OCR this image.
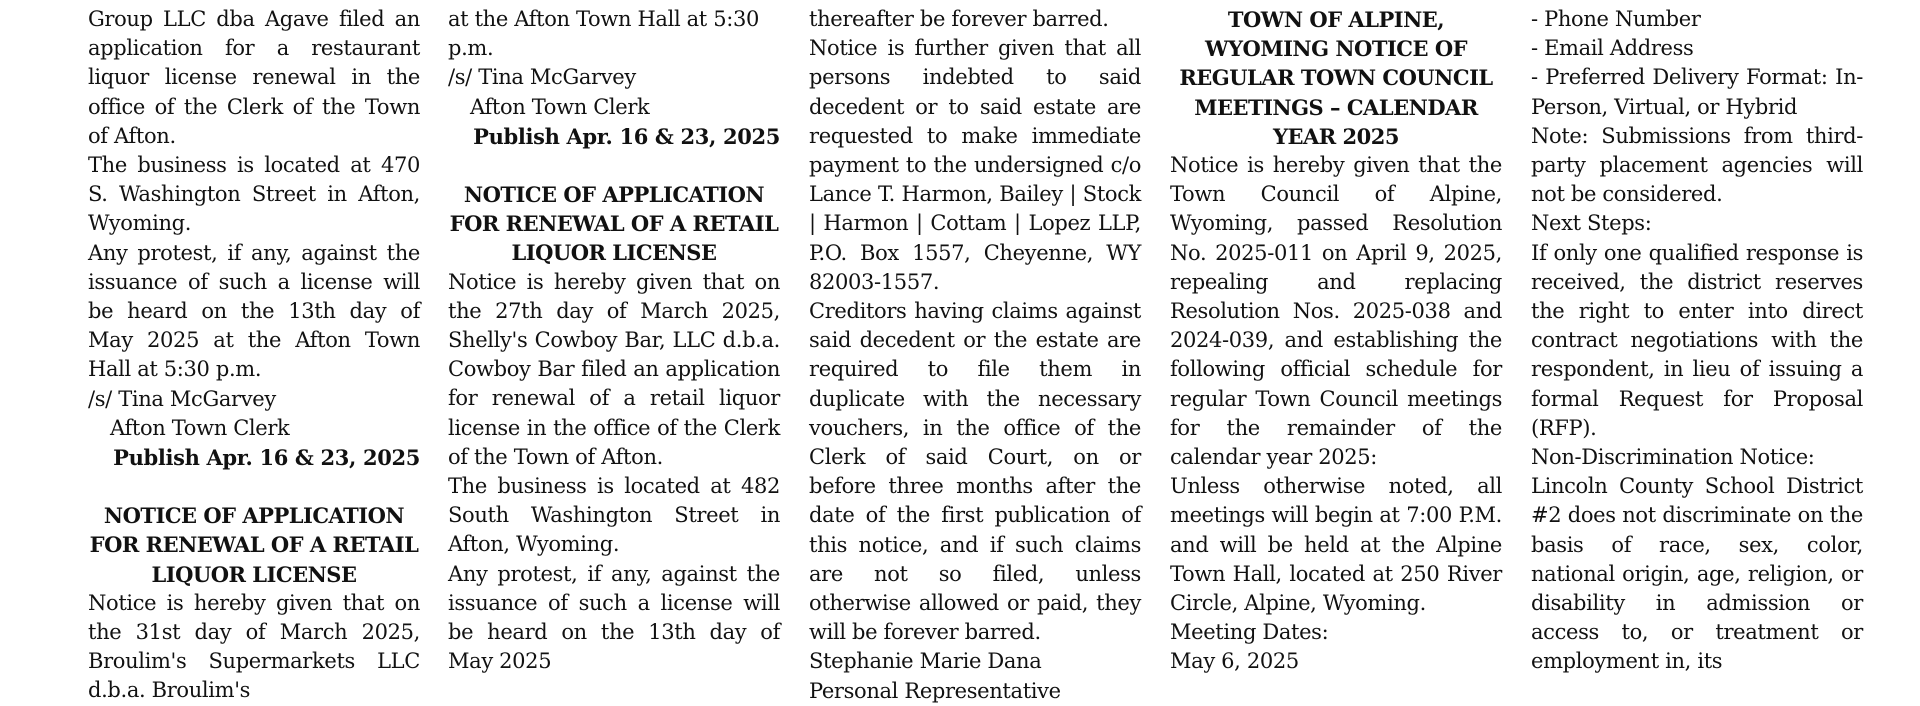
Group LLC dba Agave filed an application for a restaurant liquor license renewal in the office of the Clerk of the Town of Afton.

The business is located at 470 S. Washington Street in Afton, Wyoming.

Any protest, if any, against the issuance of such a license will be heard on the 13th day of May 2025 at the Afton Town Hall at 5:30 p.m.

/s/ Tina McGarvey

Afton Town Clerk

Publish Apr. 16 & 23, 2025

NOTICE OF APPLICATION FOR RENEWAL OF A RETAIL LIQUOR LICENSE

Notice is hereby given that on the 31st day of March 2025, Broulim's Supermarkets LLC d.b.a. Broulim's

at the Afton Town Hall at 5:30 p.m.

/s/ Tina McGarvey

Afton Town Clerk

Publish Apr. 16 & 23, 2025

NOTICE OF APPLICATION FOR RENEWAL OF A RETAIL LIQUOR LICENSE

Notice is hereby given that on the 27th day of March 2025, Shelly's Cowboy Bar, LLC d.b.a. Cowboy Bar filed an application for renewal of a retail liquor license in the office of the Clerk of the Town of Afton.

The business is located at 482 South Washington Street in Afton, Wyoming.

Any protest, if any, against the issuance of such a license will be heard on the 13th day of May 2025

thereafter be forever barred.

Notice is further given that all persons indebted to said decedent or to said estate are requested to make immediate payment to the undersigned c/o Lance T. Harmon, Bailey | Stock | Harmon | Cottam | Lopez LLP, P.O. Box 1557, Cheyenne, WY 82003-1557.

Creditors having claims against said decedent or the estate are required to file them in duplicate with the necessary vouchers, in the office of the Clerk of said Court, on or before three months after the date of the first publication of this notice, and if such claims are not so filed, unless otherwise allowed or paid, they will be forever barred.

Stephanie Marie Dana

Personal Representative

TOWN OF ALPINE, WYOMING NOTICE OF REGULAR TOWN COUNCIL MEETINGS – CALENDAR YEAR 2025

Notice is hereby given that the Town Council of Alpine, Wyoming, passed Resolution No. 2025-011 on April 9, 2025, repealing and replacing Resolution Nos. 2025-038 and 2024-039, and establishing the following official schedule for regular Town Council meetings for the remainder of the calendar year 2025:

Unless otherwise noted, all meetings will begin at 7:00 P.M. and will be held at the Alpine Town Hall, located at 250 River Circle, Alpine, Wyoming.

Meeting Dates:

May 6, 2025

- Phone Number

- Email Address

- Preferred Delivery Format: In-Person, Virtual, or Hybrid

Note: Submissions from third-party placement agencies will not be considered.

Next Steps:

If only one qualified response is received, the district reserves the right to enter into direct contract negotiations with the respondent, in lieu of issuing a formal Request for Proposal (RFP).

Non-Discrimination Notice:

Lincoln County School District #2 does not discriminate on the basis of race, sex, color, national origin, age, religion, or disability in admission or access to, or treatment or employment in, its
